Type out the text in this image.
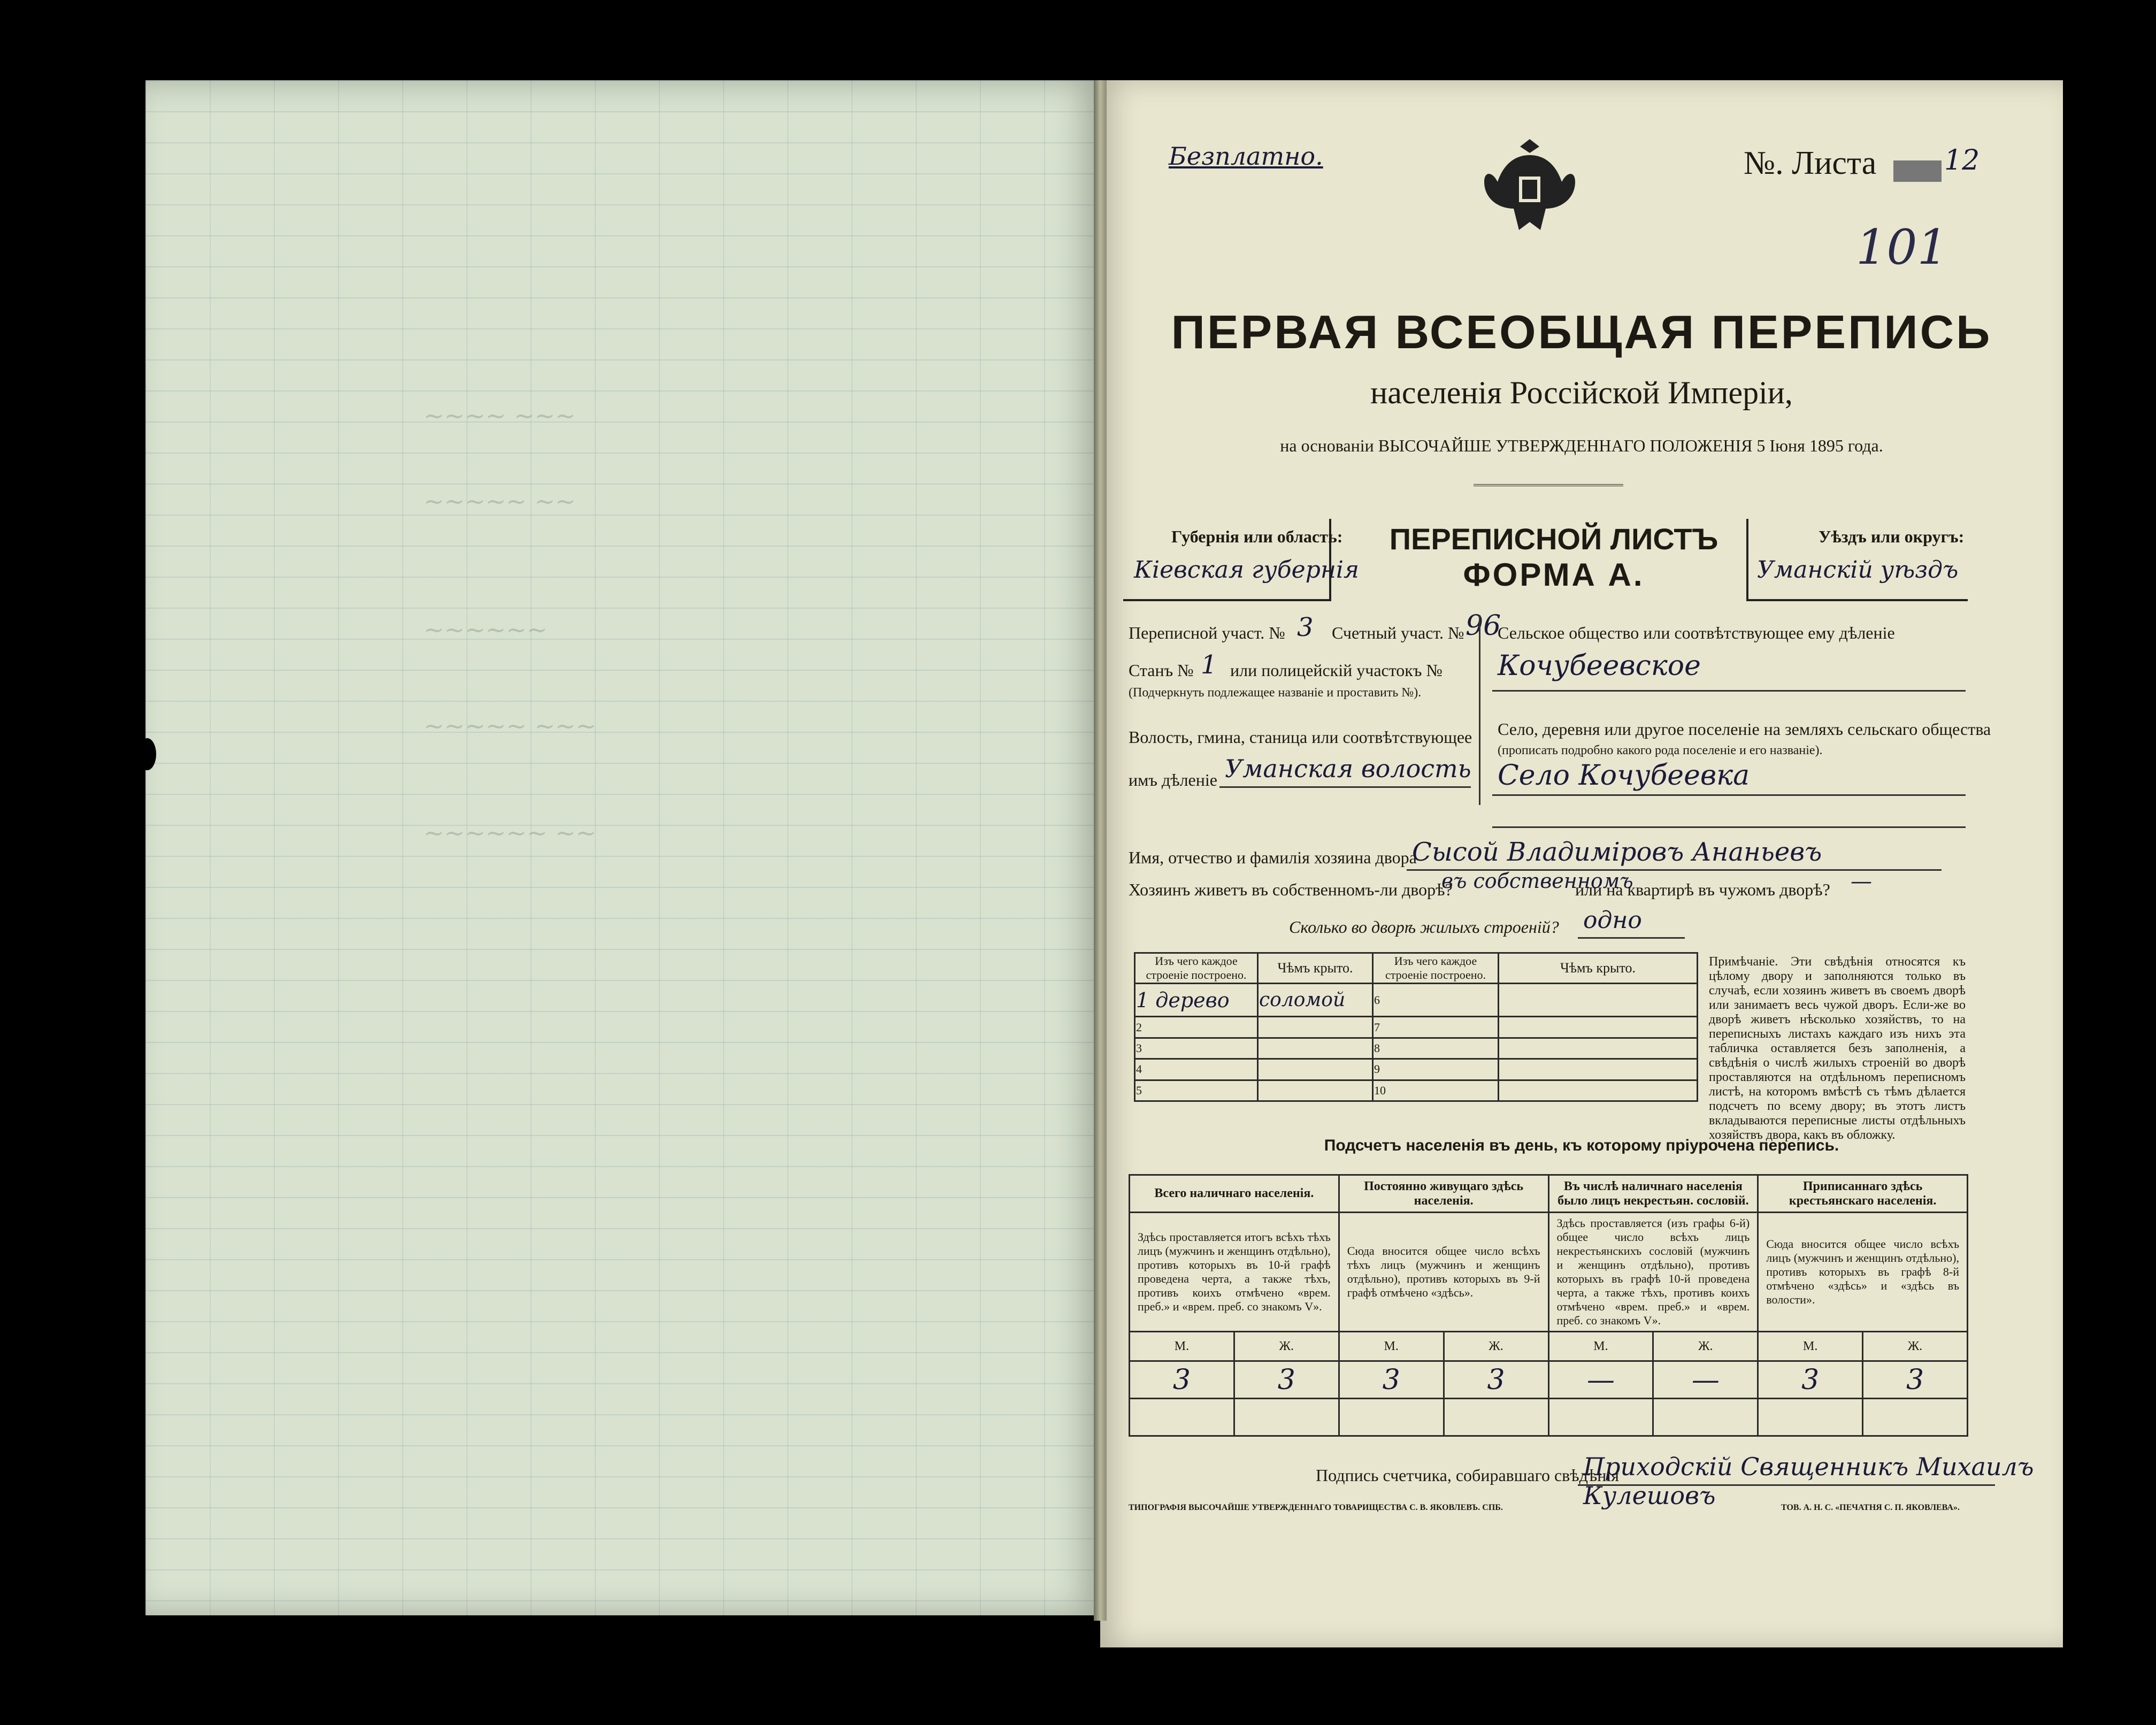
~~~~ ~~~
~~~~~ ~~
~~~~~~
~~~~~ ~~~
~~~~~~ ~~
Безплатно.	№. Листа 12
101
ПЕРВАЯ ВСЕОБЩАЯ ПЕРЕПИСЬ
населенія Россійской Имперіи,
на основаніи ВЫСОЧАЙШЕ УТВЕРЖДЕННАГО ПОЛОЖЕНІЯ 5 Іюня 1895 года.
Губернія или область:
Кіевская губернія
ПЕРЕПИСНОЙ ЛИСТЪ
ФОРМА А.
Уѣздъ или округъ:
Уманскій уѣздъ
Переписной участ. № 3 Счетный участ. № 96
Станъ № 1 или полицейскій участокъ №
(Подчеркнуть подлежащее названіе и проставить №).
Волость, гмина, станица или соотвѣтствующее
имъ дѣленіе Уманская волость
Сельское общество или соотвѣтствующее ему дѣленіе
Кочубеевское
Село, деревня или другое поселеніе на земляхъ сельскаго общества
(прописать подробно какого рода поселеніе и его названіе).
Село Кочубеевка
Имя, отчество и фамилія хозяина двора
Сысой Владиміровъ Ананьевъ
Хозяинъ живетъ въ собственномъ-ли дворѣ?
въ собственномъ
или на квартирѣ въ чужомъ дворѣ? —
Сколько во дворѣ жилыхъ строеній? одно
Изъ чего каждое строеніе построено.	Чѣмъ крыто.	Изъ чего каждое строеніе построено.	Чѣмъ крыто.
1 дерево	соломой	6	
2		7	
3		8	
4		9	
5		10	
Примѣчаніе. Эти свѣдѣнія относятся къ цѣлому двору и заполняются только въ случаѣ, если хозяинъ живетъ въ своемъ дворѣ или занимаетъ весь чужой дворъ. Если-же во дворѣ живетъ нѣсколько хозяйствъ, то на переписныхъ листахъ каждаго изъ нихъ эта табличка оставляется безъ заполненія, а свѣдѣнія о числѣ жилыхъ строеній во дворѣ проставляются на отдѣльномъ переписномъ листѣ, на которомъ вмѣстѣ съ тѣмъ дѣлается подсчетъ по всему двору; въ этотъ листъ вкладываются переписные листы отдѣльныхъ хозяйствъ двора, какъ въ обложку.
Подсчетъ населенія въ день, къ которому пріурочена перепись.
Всего наличнаго населенія.		Постоянно живущаго здѣсь населенія.		Въ числѣ наличнаго населенія было лицъ некрестьян. сословій.		Приписаннаго здѣсь крестьянскаго населенія.	
Здѣсь проставляется итогъ всѣхъ тѣхъ лицъ (мужчинъ и женщинъ отдѣльно), противъ которыхъ въ 10-й графѣ проведена черта, а также тѣхъ, противъ коихъ отмѣчено «врем. преб.» и «врем. преб. со знакомъ V».		Сюда вносится общее число всѣхъ тѣхъ лицъ (мужчинъ и женщинъ отдѣльно), противъ которыхъ въ 9-й графѣ отмѣчено «здѣсь».		Здѣсь проставляется (изъ графы 6-й) общее число всѣхъ лицъ некрестьянскихъ сословій (мужчинъ и женщинъ отдѣльно), противъ которыхъ въ графѣ 10-й проведена черта, а также тѣхъ, противъ коихъ отмѣчено «врем. преб.» и «врем. преб. со знакомъ V».		Сюда вносится общее число всѣхъ лицъ (мужчинъ и женщинъ отдѣльно), противъ которыхъ въ графѣ 8-й отмѣчено «здѣсь» и «здѣсь въ волости».	
М.	Ж.	М.	Ж.	М.	Ж.	М.	Ж.
3	3	3	3	—	—	3	3

Подпись счетчика, собиравшаго свѣдѣнія
Приходскій Священникъ Михаилъ Кулешовъ
ТИПОГРАФІЯ ВЫСОЧАЙШЕ УТВЕРЖДЕННАГО ТОВАРИЩЕСТВА С. В. ЯКОВЛЕВЪ. СПБ.	ТОВ. А. Н. С. «ПЕЧАТНЯ С. П. ЯКОВЛЕВА».
